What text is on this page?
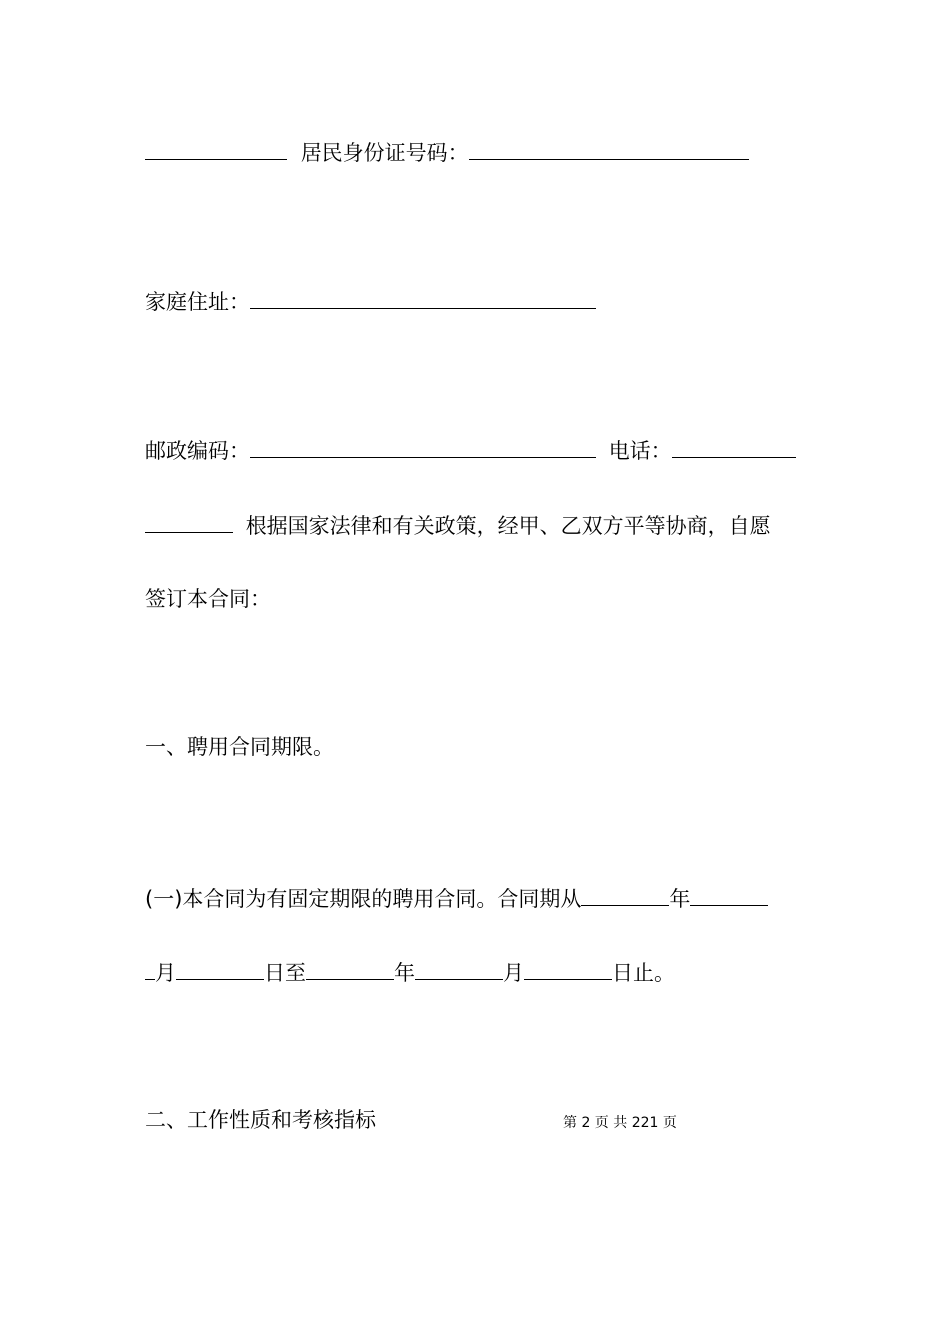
居民身份证号码：
家庭住址：
邮政编码：	电话：
根据国家法律和有关政策，经甲、乙双方平等协商，自愿
签订本合同：
一、聘用合同期限。
(一)本合同为有固定期限的聘用合同。合同期从	年
月	日至	年	月	日止。
二、工作性质和考核指标	第 2 页 共 221 页
